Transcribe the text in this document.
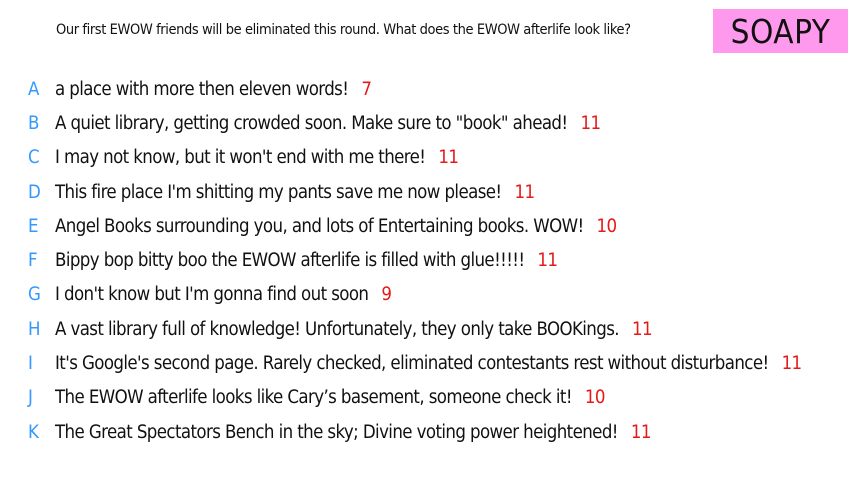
Our first EWOW friends will be eliminated this round. What does the EWOW afterlife look like?	SOAPY
A a place with more then eleven words! 7
B A quiet library, getting crowded soon. Make sure to "book" ahead! 11
C I may not know, but it won't end with me there! 11
D This fire place I'm shitting my pants save me now please! 11
E Angel Books surrounding you, and lots of Entertaining books. WOW! 10
F Bippy bop bitty boo the EWOW afterlife is filled with glue!!!!! 11
G I don't know but I'm gonna find out soon 9
H A vast library full of knowledge! Unfortunately, they only take BOOKings. 11
I	It's Google's second page. Rarely checked, eliminated contestants rest without disturbance! 11
J	The EWOW afterlife looks like Cary’s basement, someone check it! 10
K The Great Spectators Bench in the sky; Divine voting power heightened! 11
